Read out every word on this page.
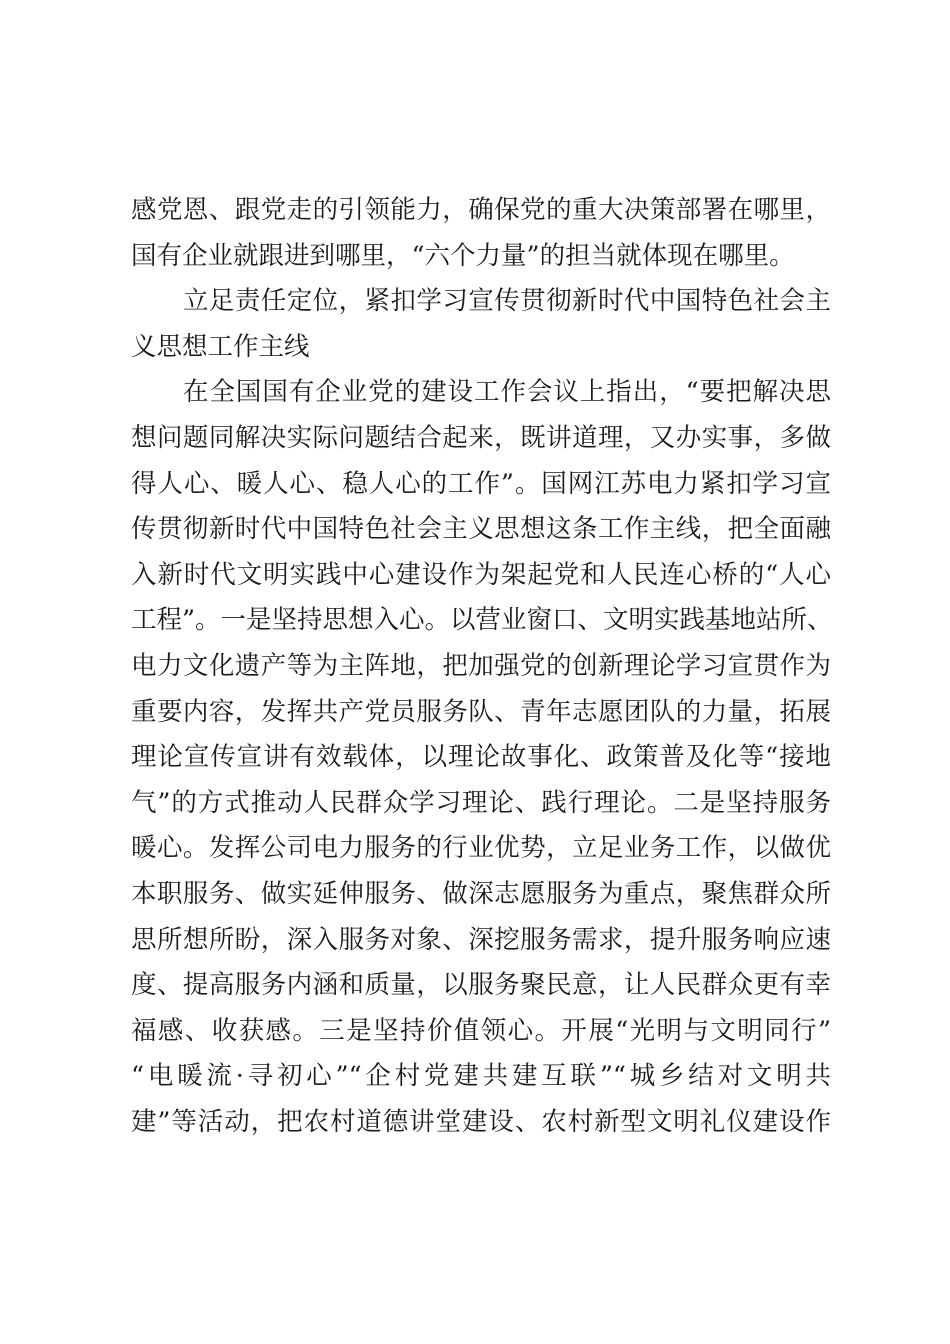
感党恩、跟党走的引领能力，确保党的重大决策部署在哪里，
国有企业就跟进到哪里，“六个力量”的担当就体现在哪里。
立足责任定位，紧扣学习宣传贯彻新时代中国特色社会主
义思想工作主线
在全国国有企业党的建设工作会议上指出，“要把解决思
想问题同解决实际问题结合起来，既讲道理，又办实事，多做
得人心、暖人心、稳人心的工作”。国网江苏电力紧扣学习宣
传贯彻新时代中国特色社会主义思想这条工作主线，把全面融
入新时代文明实践中心建设作为架起党和人民连心桥的“人心
工程”。一是坚持思想入心。以营业窗口、文明实践基地站所、
电力文化遗产等为主阵地，把加强党的创新理论学习宣贯作为
重要内容，发挥共产党员服务队、青年志愿团队的力量，拓展
理论宣传宣讲有效载体，以理论故事化、政策普及化等“接地
气”的方式推动人民群众学习理论、践行理论。二是坚持服务
暖心。发挥公司电力服务的行业优势，立足业务工作，以做优
本职服务、做实延伸服务、做深志愿服务为重点，聚焦群众所
思所想所盼，深入服务对象、深挖服务需求，提升服务响应速
度、提高服务内涵和质量，以服务聚民意，让人民群众更有幸
福感、收获感。三是坚持价值领心。开展“光明与文明同行”
“电暖流·寻初心”“企村党建共建互联”“城乡结对文明共
建”等活动，把农村道德讲堂建设、农村新型文明礼仪建设作
